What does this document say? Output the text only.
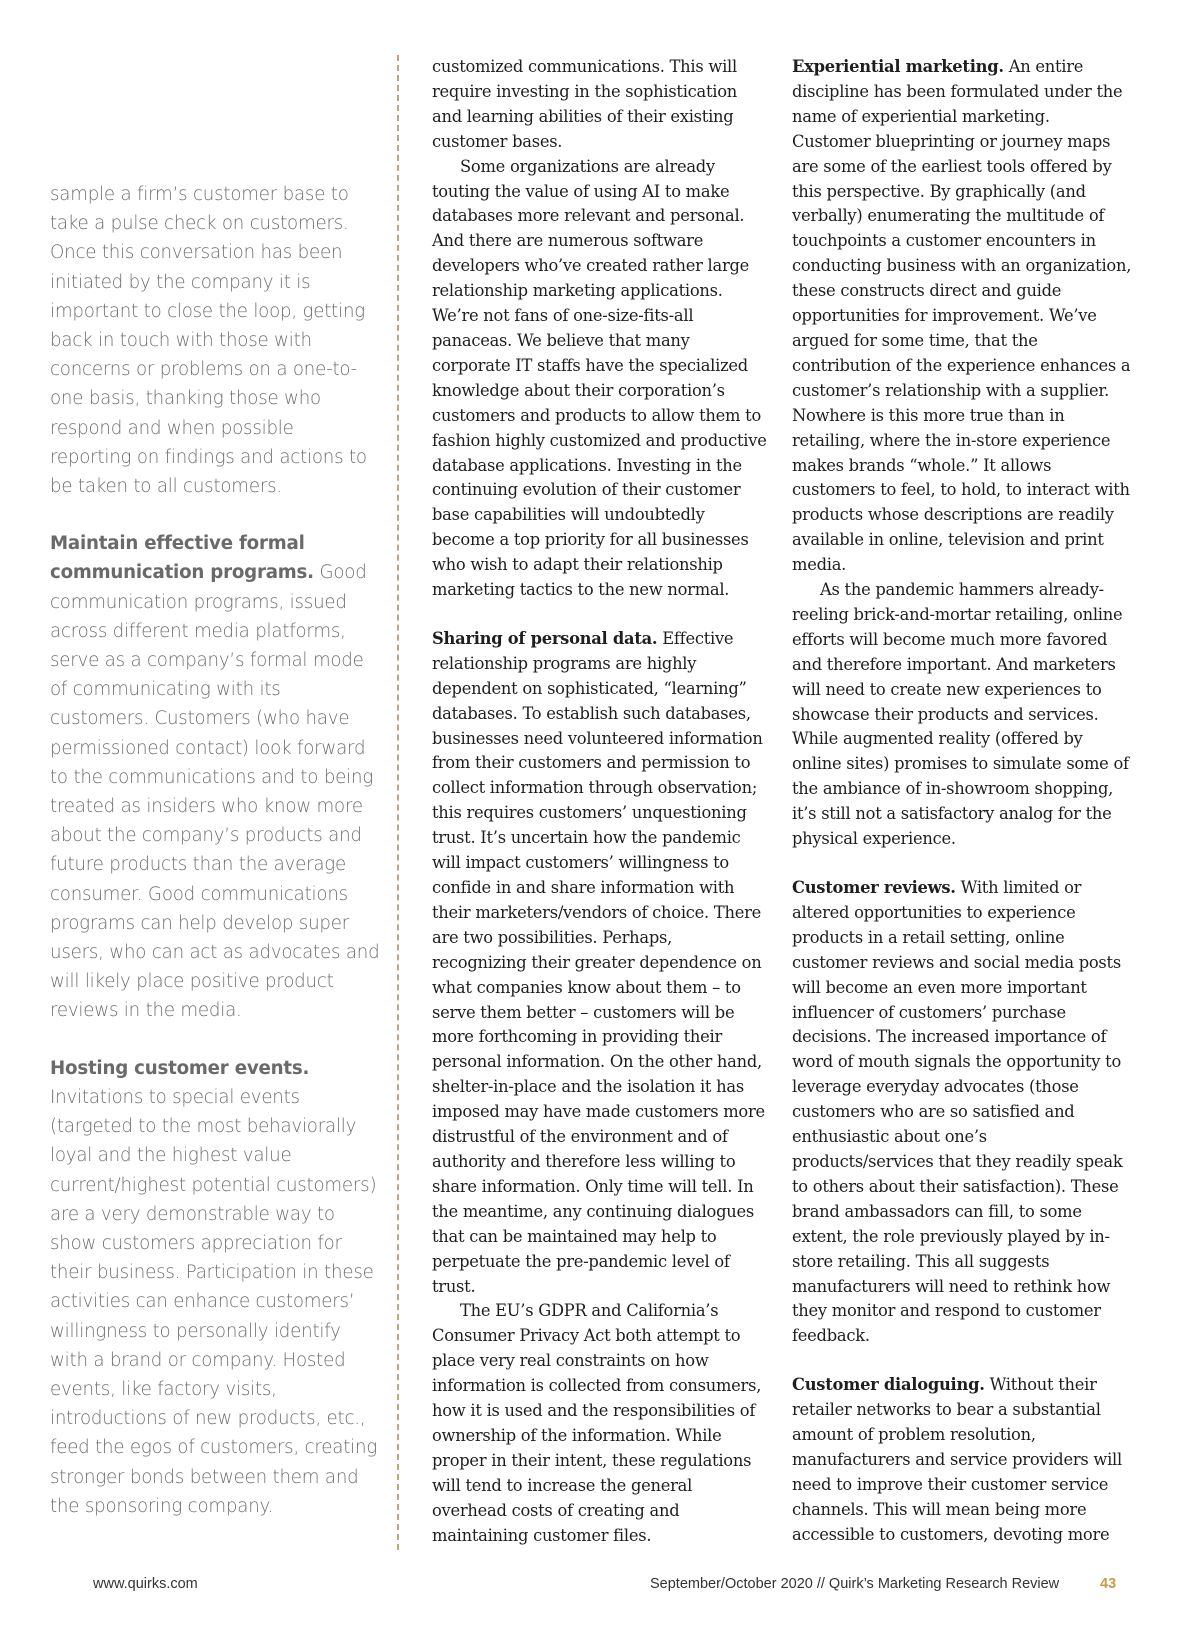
sample a firm’s customer base to take a pulse check on customers. Once this conversation has been initiated by the company it is important to close the loop, getting back in touch with those with concerns or problems on a one-to-one basis, thanking those who respond and when possible reporting on findings and actions to be taken to all customers.

Maintain effective formal communication programs. Good communication programs, issued across different media platforms, serve as a company’s formal mode of communicating with its customers. Customers (who have permissioned contact) look forward to the communications and to being treated as insiders who know more about the company’s products and future products than the average consumer. Good communications programs can help develop super users, who can act as advocates and will likely place positive product reviews in the media.

Hosting customer events. Invitations to special events (targeted to the most behaviorally loyal and the highest value current/highest potential customers) are a very demonstrable way to show customers appreciation for their business. Participation in these activities can enhance customers’ willingness to personally identify with a brand or company. Hosted events, like factory visits, introductions of new products, etc., feed the egos of customers, creating stronger bonds between them and the sponsoring company.

customized communications. This will require investing in the sophistication and learning abilities of their existing customer bases.

Some organizations are already touting the value of using AI to make databases more relevant and personal. And there are numerous software developers who’ve created rather large relationship marketing applications. We’re not fans of one-size-fits-all panaceas. We believe that many corporate IT staffs have the specialized knowledge about their corporation’s customers and products to allow them to fashion highly customized and productive database applications. Investing in the continuing evolution of their customer base capabilities will undoubtedly become a top priority for all businesses who wish to adapt their relationship marketing tactics to the new normal.

Sharing of personal data. Effective relationship programs are highly dependent on sophisticated, “learning” databases. To establish such databases, businesses need volunteered information from their customers and permission to collect information through observation; this requires customers’ unquestioning trust. It’s uncertain how the pandemic will impact customers’ willingness to confide in and share information with their marketers/vendors of choice. There are two possibilities. Perhaps, recognizing their greater dependence on what companies know about them – to serve them better – customers will be more forthcoming in providing their personal information. On the other hand, shelter-in-place and the isolation it has imposed may have made customers more distrustful of the environment and of authority and therefore less willing to share information. Only time will tell. In the meantime, any continuing dialogues that can be maintained may help to perpetuate the pre-pandemic level of trust.

The EU’s GDPR and California’s Consumer Privacy Act both attempt to place very real constraints on how information is collected from consumers, how it is used and the responsibilities of ownership of the information. While proper in their intent, these regulations will tend to increase the general overhead costs of creating and maintaining customer files.

Experiential marketing. An entire discipline has been formulated under the name of experiential marketing. Customer blueprinting or journey maps are some of the earliest tools offered by this perspective. By graphically (and verbally) enumerating the multitude of touchpoints a customer encounters in conducting business with an organization, these constructs direct and guide opportunities for improvement. We’ve argued for some time, that the contribution of the experience enhances a customer’s relationship with a supplier. Nowhere is this more true than in retailing, where the in-store experience makes brands “whole.” It allows customers to feel, to hold, to interact with products whose descriptions are readily available in online, television and print media.

As the pandemic hammers already-reeling brick-and-mortar retailing, online efforts will become much more favored and therefore important. And marketers will need to create new experiences to showcase their products and services. While augmented reality (offered by online sites) promises to simulate some of the ambiance of in-showroom shopping, it’s still not a satisfactory analog for the physical experience.

Customer reviews. With limited or altered opportunities to experience products in a retail setting, online customer reviews and social media posts will become an even more important influencer of customers’ purchase decisions. The increased importance of word of mouth signals the opportunity to leverage everyday advocates (those customers who are so satisfied and enthusiastic about one’s products/services that they readily speak to others about their satisfaction). These brand ambassadors can fill, to some extent, the role previously played by in-store retailing. This all suggests manufacturers will need to rethink how they monitor and respond to customer feedback.

Customer dialoguing. Without their retailer networks to bear a substantial amount of problem resolution, manufacturers and service providers will need to improve their customer service channels. This will mean being more accessible to customers, devoting more

www.quirks.com	September/October 2020 // Quirk’s Marketing Research Review	43
